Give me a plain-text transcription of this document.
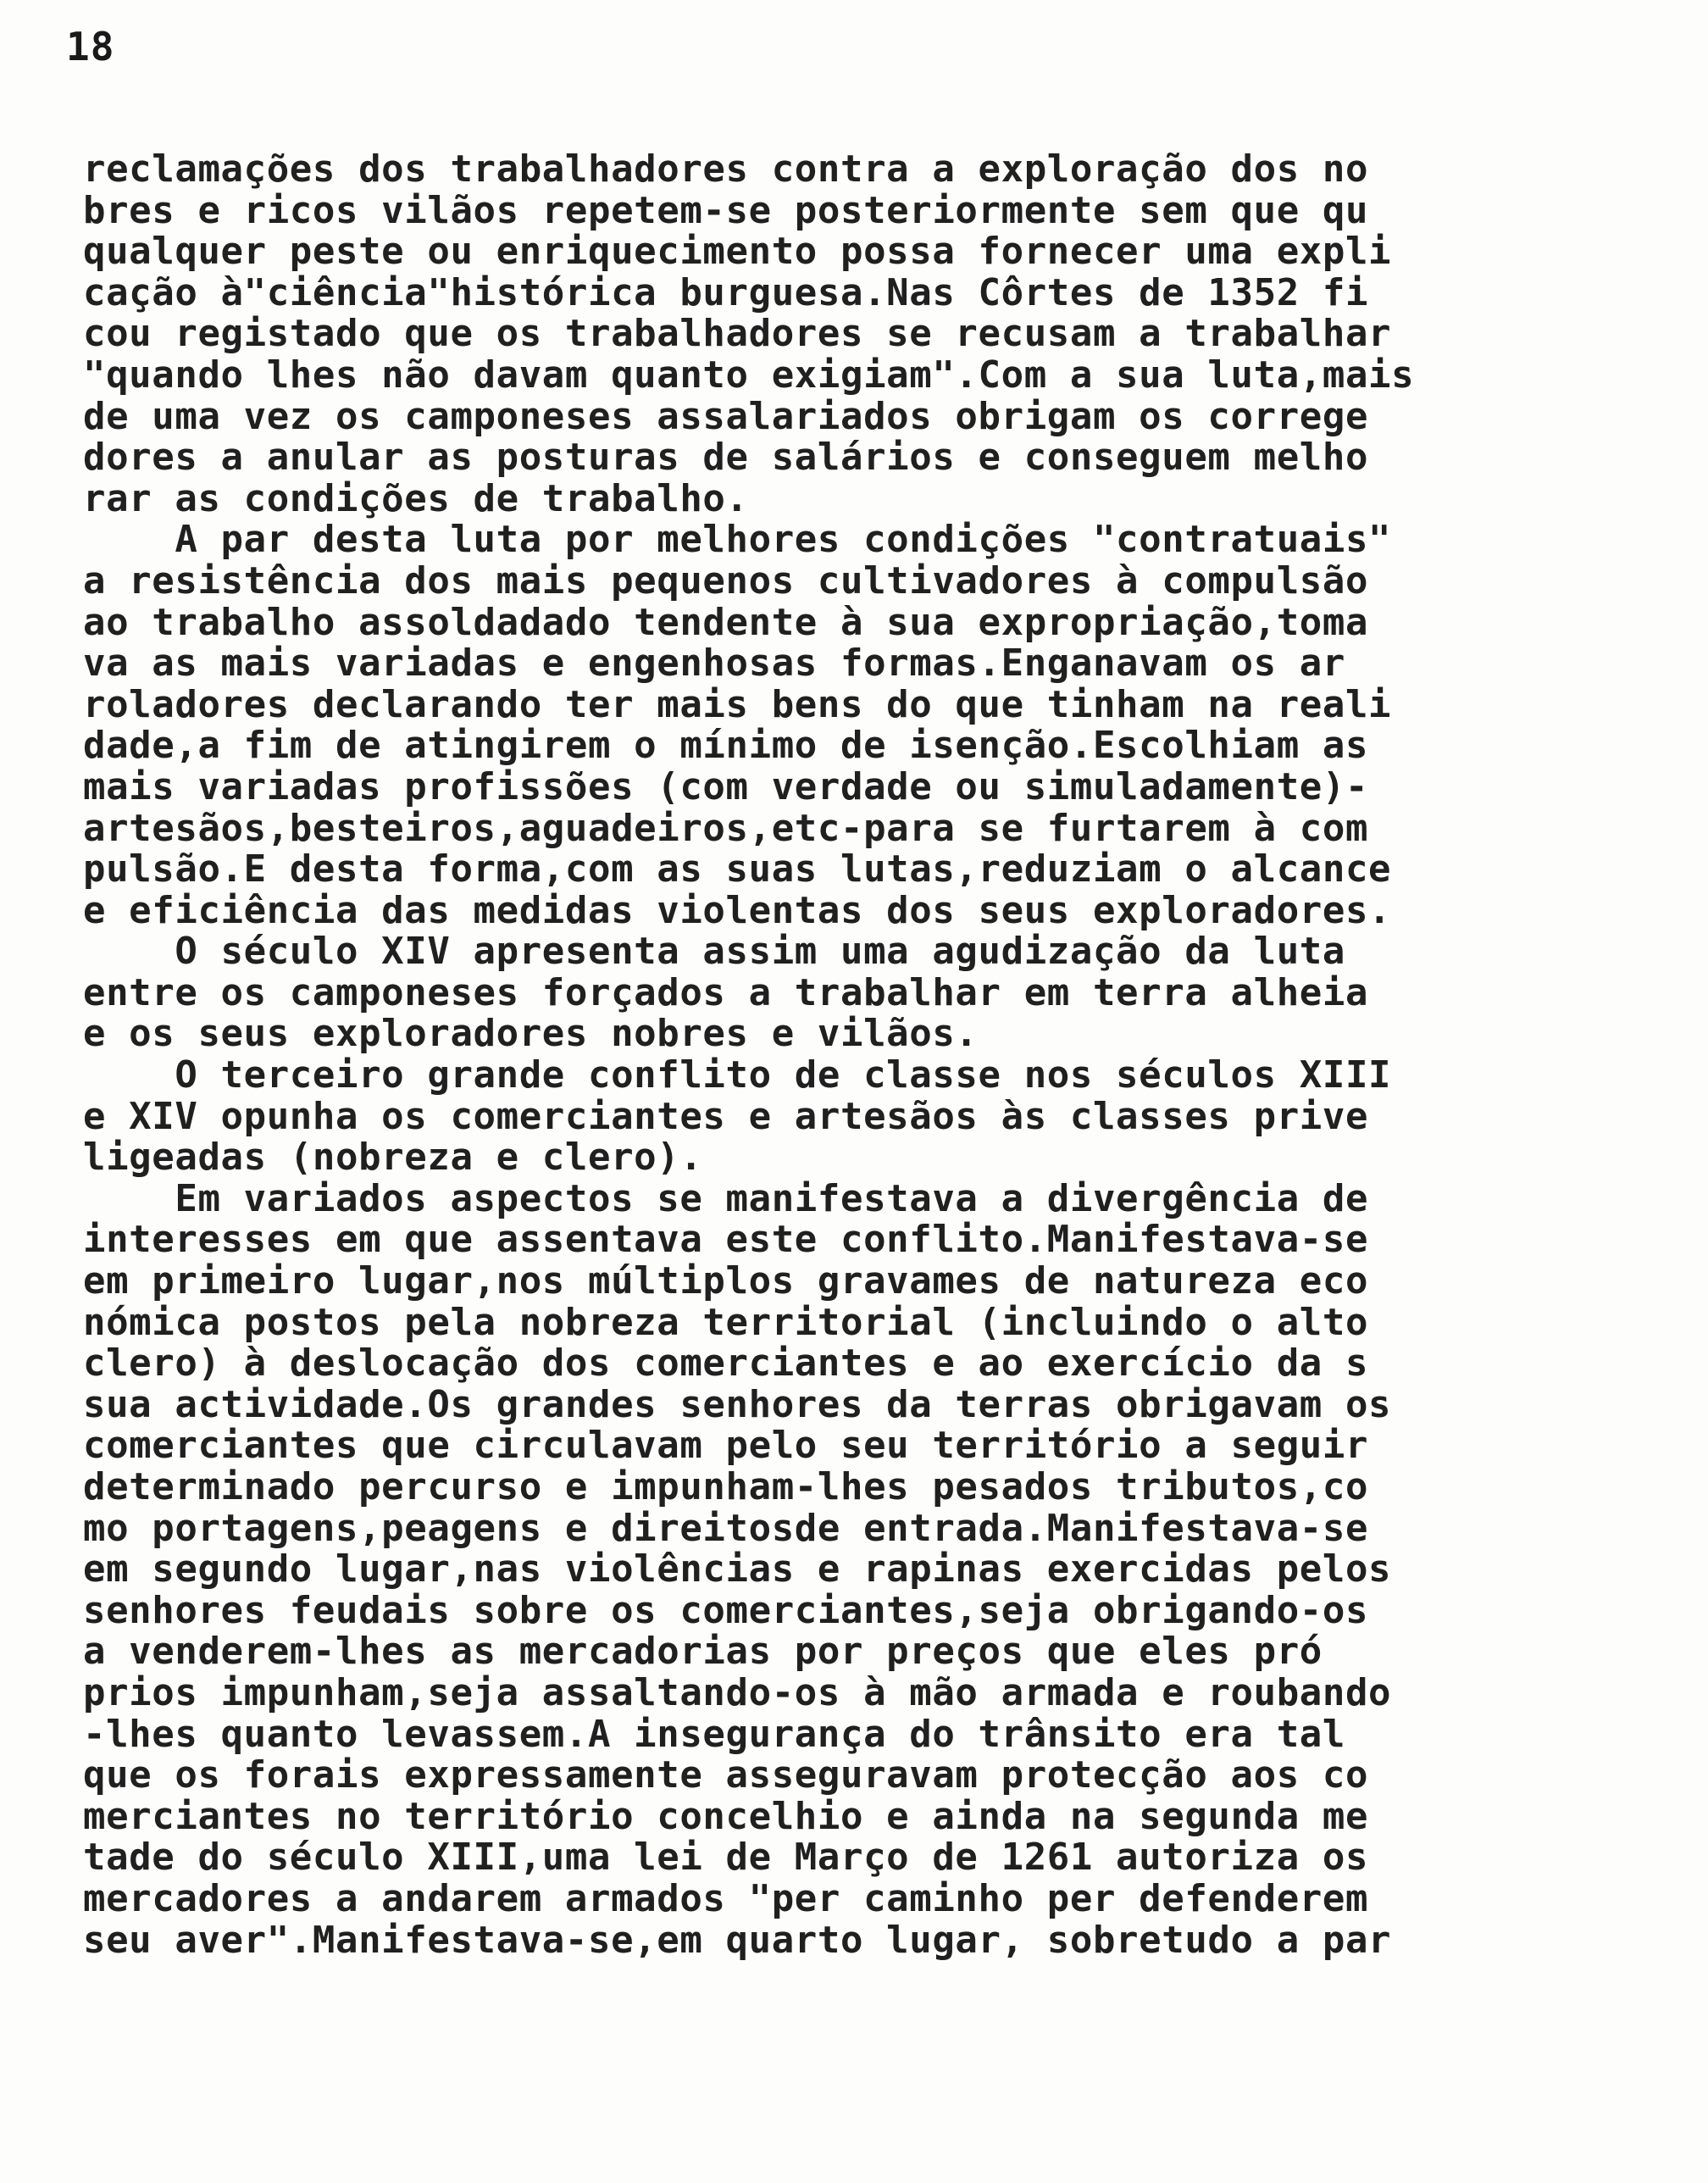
18
reclamações dos trabalhadores contra a exploração dos no
bres e ricos vilãos repetem-se posteriormente sem que qu
qualquer peste ou enriquecimento possa fornecer uma expli
cação à"ciência"histórica burguesa.Nas Côrtes de 1352 fi
cou registado que os trabalhadores se recusam a trabalhar
"quando lhes não davam quanto exigiam".Com a sua luta,mais
de uma vez os camponeses assalariados obrigam os correge
dores a anular as posturas de salários e conseguem melho
rar as condições de trabalho.
A par desta luta por melhores condições "contratuais"
a resistência dos mais pequenos cultivadores à compulsão
ao trabalho assoldadado tendente à sua expropriação,toma
va as mais variadas e engenhosas formas.Enganavam os ar
roladores declarando ter mais bens do que tinham na reali
dade,a fim de atingirem o mínimo de isenção.Escolhiam as
mais variadas profissões (com verdade ou simuladamente)-
artesãos,besteiros,aguadeiros,etc-para se furtarem à com
pulsão.E desta forma,com as suas lutas,reduziam o alcance
e eficiência das medidas violentas dos seus exploradores.
O século XIV apresenta assim uma agudização da luta
entre os camponeses forçados a trabalhar em terra alheia
e os seus exploradores nobres e vilãos.
O terceiro grande conflito de classe nos séculos XIII
e XIV opunha os comerciantes e artesãos às classes prive
ligeadas (nobreza e clero).
Em variados aspectos se manifestava a divergência de
interesses em que assentava este conflito.Manifestava-se
em primeiro lugar,nos múltiplos gravames de natureza eco
nómica postos pela nobreza territorial (incluindo o alto
clero) à deslocação dos comerciantes e ao exercício da s
sua actividade.Os grandes senhores da terras obrigavam os
comerciantes que circulavam pelo seu território a seguir
determinado percurso e impunham-lhes pesados tributos,co
mo portagens,peagens e direitosde entrada.Manifestava-se
em segundo lugar,nas violências e rapinas exercidas pelos
senhores feudais sobre os comerciantes,seja obrigando-os
a venderem-lhes as mercadorias por preços que eles pró
prios impunham,seja assaltando-os à mão armada e roubando
-lhes quanto levassem.A insegurança do trânsito era tal
que os forais expressamente asseguravam protecção aos co
merciantes no território concelhio e ainda na segunda me
tade do século XIII,uma lei de Março de 1261 autoriza os
mercadores a andarem armados "per caminho per defenderem
seu aver".Manifestava-se,em quarto lugar, sobretudo a par
